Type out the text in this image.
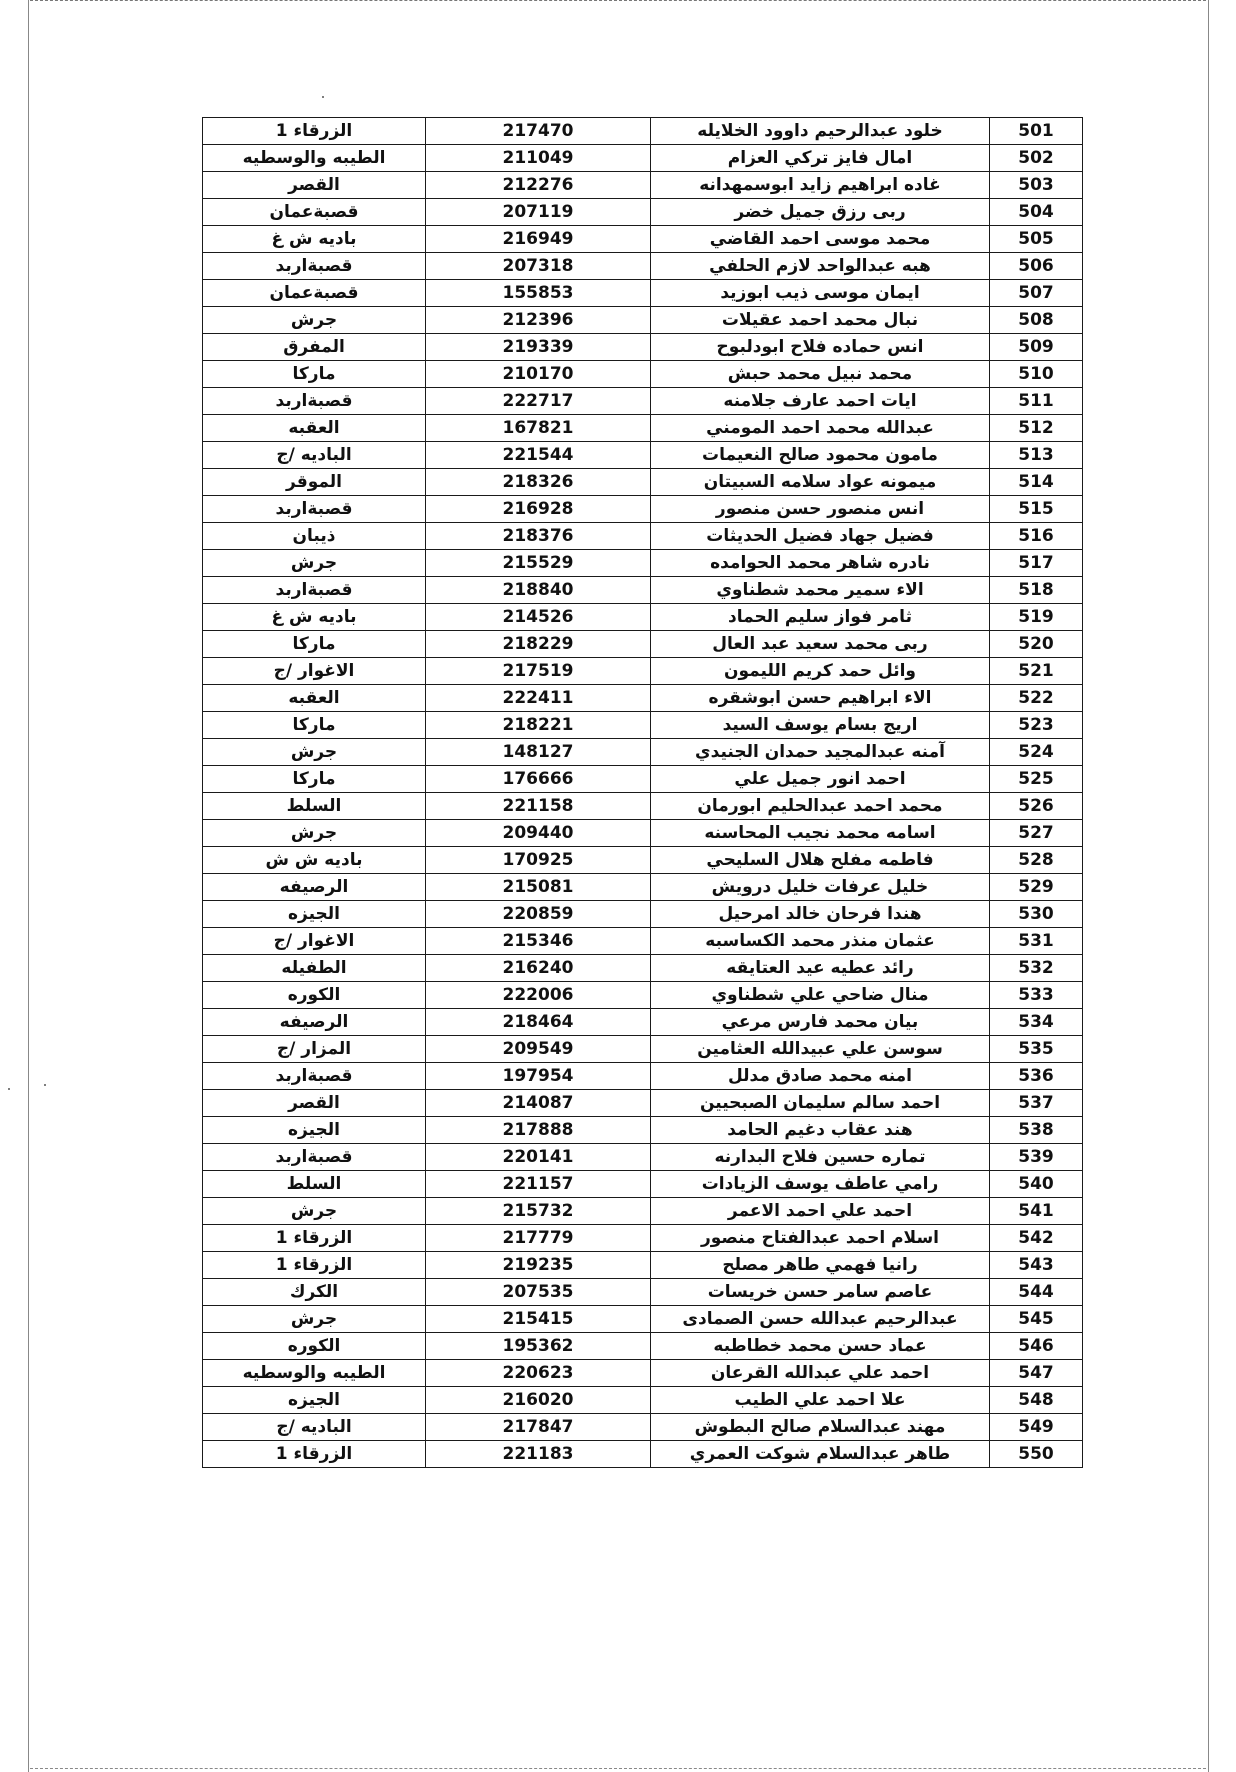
الزرقاء 1	217470	خلود عبدالرحيم داوود الخلايله	501
الطيبه والوسطيه	211049	امال فايز تركي العزام	502
القصر	212276	غاده ابراهيم زايد ابوسمهدانه	503
قصبةعمان	207119	ربى رزق جميل خضر	504
باديه ش غ	216949	محمد موسى احمد القاضي	505
قصبةاربد	207318	هبه عبدالواحد لازم الحلفي	506
قصبةعمان	155853	ايمان موسى ذيب ابوزيد	507
جرش	212396	نبال محمد احمد عقيلات	508
المفرق	219339	انس حماده فلاح ابودلبوح	509
ماركا	210170	محمد نبيل محمد حبش	510
قصبةاربد	222717	ايات احمد عارف جلامنه	511
العقبه	167821	عبدالله محمد احمد المومني	512
الباديه /ج	221544	مامون محمود صالح النعيمات	513
الموقر	218326	ميمونه عواد سلامه السبيتان	514
قصبةاربد	216928	انس منصور حسن منصور	515
ذيبان	218376	فضيل جهاد فضيل الحديثات	516
جرش	215529	نادره شاهر محمد الحوامده	517
قصبةاربد	218840	الاء سمير محمد شطناوي	518
باديه ش غ	214526	ثامر فواز سليم الحماد	519
ماركا	218229	ربى محمد سعيد عبد العال	520
الاغوار /ج	217519	وائل حمد كريم الليمون	521
العقبه	222411	الاء ابراهيم حسن ابوشقره	522
ماركا	218221	اريج بسام يوسف السيد	523
جرش	148127	آمنه عبدالمجيد حمدان الجنيدي	524
ماركا	176666	احمد انور جميل علي	525
السلط	221158	محمد احمد عبدالحليم ابورمان	526
جرش	209440	اسامه محمد نجيب المحاسنه	527
باديه ش ش	170925	فاطمه مفلح هلال السليحي	528
الرصيفه	215081	خليل عرفات خليل درويش	529
الجيزه	220859	هندا فرحان خالد امرحيل	530
الاغوار /ج	215346	عثمان منذر محمد الكساسبه	531
الطفيله	216240	رائد عطيه عيد العتايقه	532
الكوره	222006	منال ضاحي علي شطناوي	533
الرصيفه	218464	بيان محمد فارس مرعي	534
المزار /ج	209549	سوسن علي عبيدالله العثامين	535
قصبةاربد	197954	امنه محمد صادق مدلل	536
القصر	214087	احمد سالم سليمان الصبحيين	537
الجيزه	217888	هند عقاب دغيم الحامد	538
قصبةاربد	220141	تماره حسين فلاح البدارنه	539
السلط	221157	رامي عاطف يوسف الزيادات	540
جرش	215732	احمد علي احمد الاعمر	541
الزرقاء 1	217779	اسلام احمد عبدالفتاح منصور	542
الزرقاء 1	219235	رانيا فهمي طاهر مصلح	543
الكرك	207535	عاصم سامر حسن خريسات	544
جرش	215415	عبدالرحيم عبدالله حسن الصمادى	545
الكوره	195362	عماد حسن محمد خطاطبه	546
الطيبه والوسطيه	220623	احمد علي عبدالله القرعان	547
الجيزه	216020	علا احمد علي الطيب	548
الباديه /ج	217847	مهند عبدالسلام صالح البطوش	549
الزرقاء 1	221183	طاهر عبدالسلام شوكت العمري	550
